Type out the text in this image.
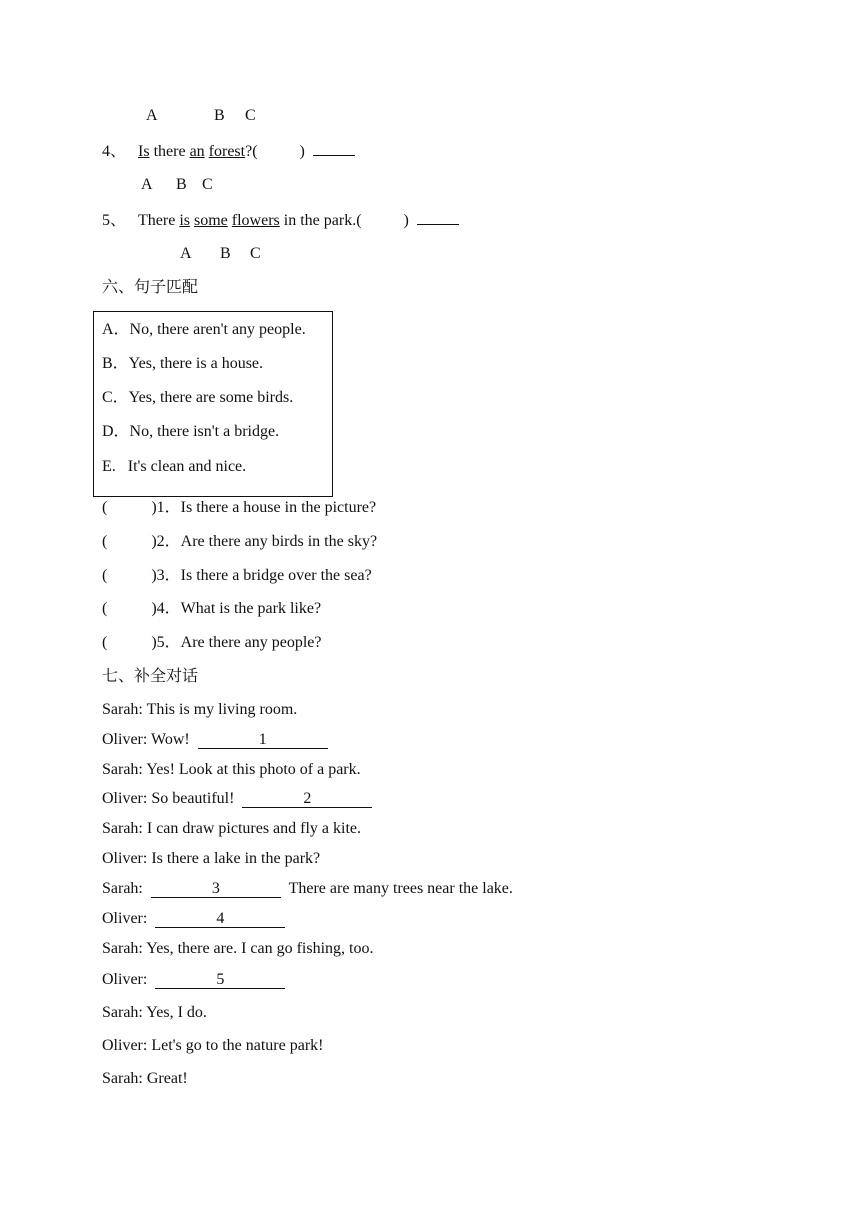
A	B C
4、 Is there an forest?(	)
A B C
5、 There is some flowers in the park.(	)
A B C
六、句子匹配
A．No, there aren't any people.
B．Yes, there is a house.
C．Yes, there are some birds.
D．No, there isn't a bridge.
E.   It's clean and nice.
(	)1．Is there a house in the picture?
(	)2．Are there any birds in the sky?
(	)3．Is there a bridge over the sea?
(	)4．What is the park like?
(	)5．Are there any people?
七、补全对话
Sarah: This is my living room.
Oliver: Wow!	1
Sarah: Yes! Look at this photo of a park.
Oliver: So beautiful!	2
Sarah: I can draw pictures and fly a kite.
Oliver: Is there a lake in the park?
Sarah:	3	There are many trees near the lake.
Oliver:	4
Sarah: Yes, there are. I can go fishing, too.
Oliver:	5
Sarah: Yes, I do.
Oliver: Let's go to the nature park!
Sarah: Great!
